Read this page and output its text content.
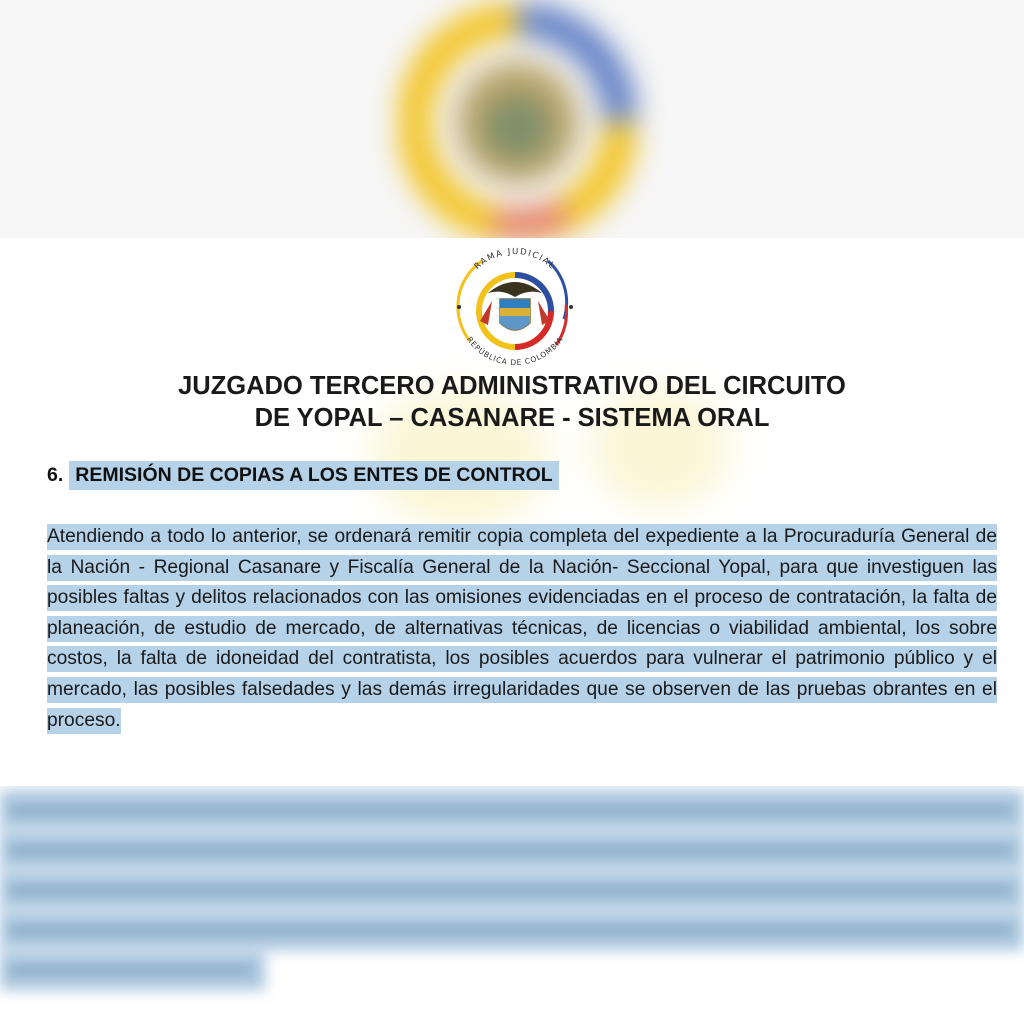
RAMA JUDICIAL
REPÚBLICA DE COLOMBIA
JUZGADO TERCERO ADMINISTRATIVO DEL CIRCUITO
DE YOPAL – CASANARE - SISTEMA ORAL
6. REMISIÓN DE COPIAS A LOS ENTES DE CONTROL

Atendiendo a todo lo anterior, se ordenará remitir copia completa del expediente a la Procuraduría General de la Nación - Regional Casanare y Fiscalía General de la Nación- Seccional Yopal, para que investiguen las posibles faltas y delitos relacionados con las omisiones evidenciadas en el proceso de contratación, la falta de planeación, de estudio de mercado, de alternativas técnicas, de licencias o viabilidad ambiental, los sobre costos, la falta de idoneidad del contratista, los posibles acuerdos para vulnerar el patrimonio público y el mercado, las posibles falsedades y las demás irregularidades que se observen de las pruebas obrantes en el proceso.
